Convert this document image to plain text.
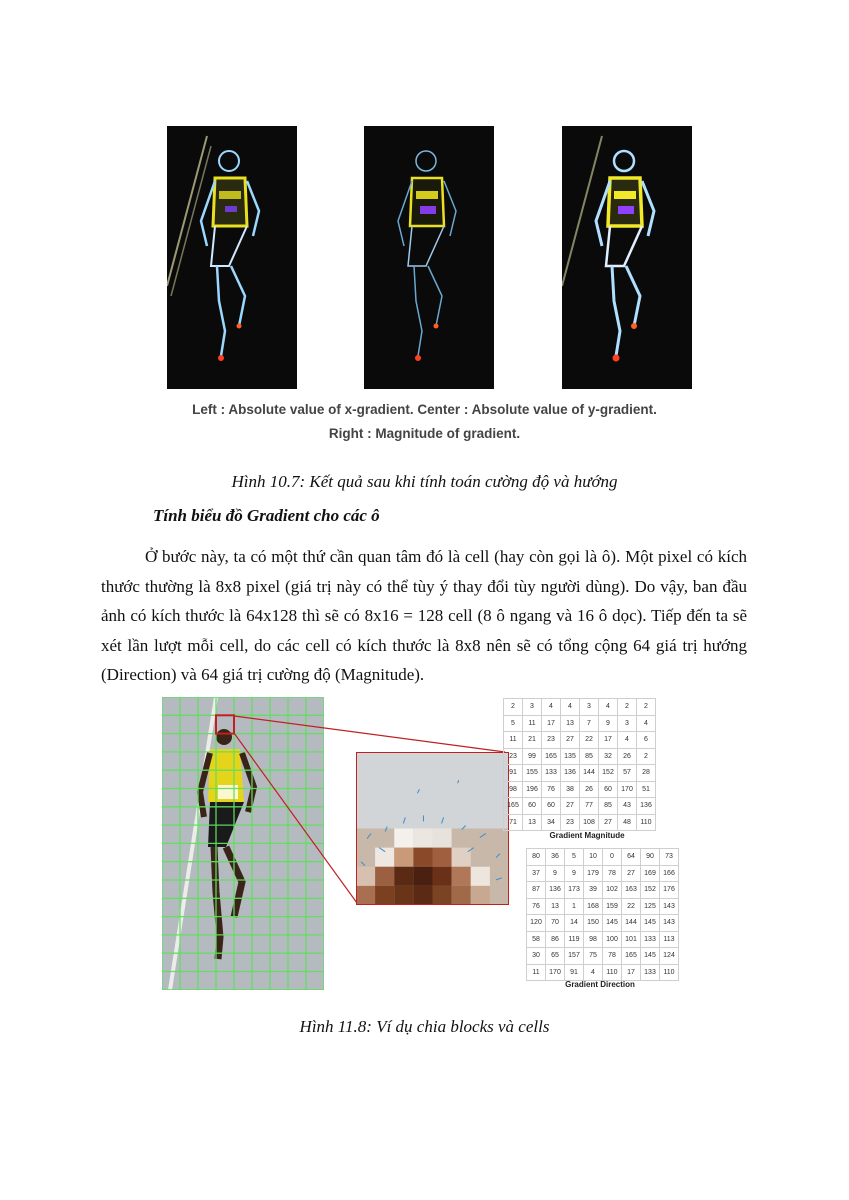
Left : Absolute value of x-gradient. Center : Absolute value of y-gradient.
Right : Magnitude of gradient.
Hình 10.7: Kết quả sau khi tính toán cường độ và hướng
Tính biểu đồ Gradient cho các ô

Ở bước này, ta có một thứ cần quan tâm đó là cell (hay còn gọi là ô). Một pixel có kích thước thường là 8x8 pixel (giá trị này có thể tùy ý thay đổi tùy người dùng). Do vậy, ban đầu ảnh có kích thước là 64x128 thì sẽ có 8x16 = 128 cell (8 ô ngang và 16 ô dọc). Tiếp đến ta sẽ xét lần lượt mỗi cell, do các cell có kích thước là 8x8 nên sẽ có tổng cộng 64 giá trị hướng (Direction) và 64 giá trị cường độ (Magnitude).

2	3	4	4	3	4	2	2
5	11	17	13	7	9	3	4
11	21	23	27	22	17	4	6
23	99	165	135	85	32	26	2
91	155	133	136	144	152	57	28
98	196	76	38	26	60	170	51
165	60	60	27	77	85	43	136
71	13	34	23	108	27	48	110
Gradient Magnitude
80	36	5	10	0	64	90	73
37	9	9	179	78	27	169	166
87	136	173	39	102	163	152	176
76	13	1	168	159	22	125	143
120	70	14	150	145	144	145	143
58	86	119	98	100	101	133	113
30	65	157	75	78	165	145	124
11	170	91	4	110	17	133	110
Gradient Direction
Hình 11.8: Ví dụ chia blocks và cells
